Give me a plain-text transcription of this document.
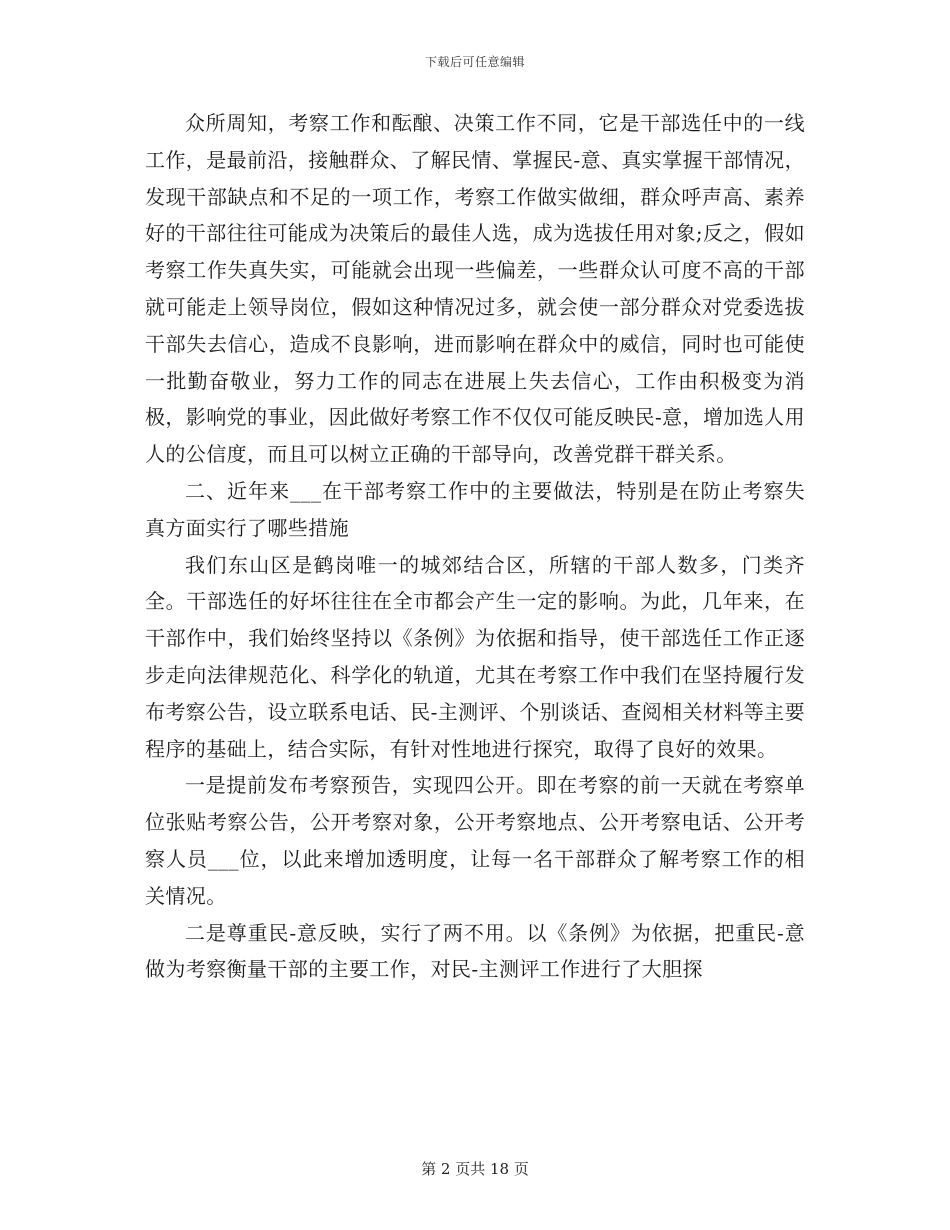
下载后可任意编辑

众所周知，考察工作和酝酿、决策工作不同，它是干部选任中的一线工作，是最前沿，接触群众、了解民情、掌握民-意、真实掌握干部情况，发现干部缺点和不足的一项工作，考察工作做实做细，群众呼声高、素养好的干部往往可能成为决策后的最佳人选，成为选拔任用对象;反之，假如考察工作失真失实，可能就会出现一些偏差，一些群众认可度不高的干部就可能走上领导岗位，假如这种情况过多，就会使一部分群众对党委选拔干部失去信心，造成不良影响，进而影响在群众中的威信，同时也可能使一批勤奋敬业，努力工作的同志在进展上失去信心，工作由积极变为消极，影响党的事业，因此做好考察工作不仅仅可能反映民-意，增加选人用人的公信度，而且可以树立正确的干部导向，改善党群干群关系。

二、近年来___在干部考察工作中的主要做法，特别是在防止考察失真方面实行了哪些措施

我们东山区是鹤岗唯一的城郊结合区，所辖的干部人数多，门类齐全。干部选任的好坏往往在全市都会产生一定的影响。为此，几年来，在干部作中，我们始终坚持以《条例》为依据和指导，使干部选任工作正逐步走向法律规范化、科学化的轨道，尤其在考察工作中我们在坚持履行发布考察公告，设立联系电话、民-主测评、个别谈话、查阅相关材料等主要程序的基础上，结合实际，有针对性地进行探究，取得了良好的效果。

一是提前发布考察预告，实现四公开。即在考察的前一天就在考察单位张贴考察公告，公开考察对象，公开考察地点、公开考察电话、公开考察人员___位，以此来增加透明度，让每一名干部群众了解考察工作的相关情况。

二是尊重民-意反映，实行了两不用。以《条例》为依据，把重民-意做为考察衡量干部的主要工作，对民-主测评工作进行了大胆探

第 2 页共 18 页
